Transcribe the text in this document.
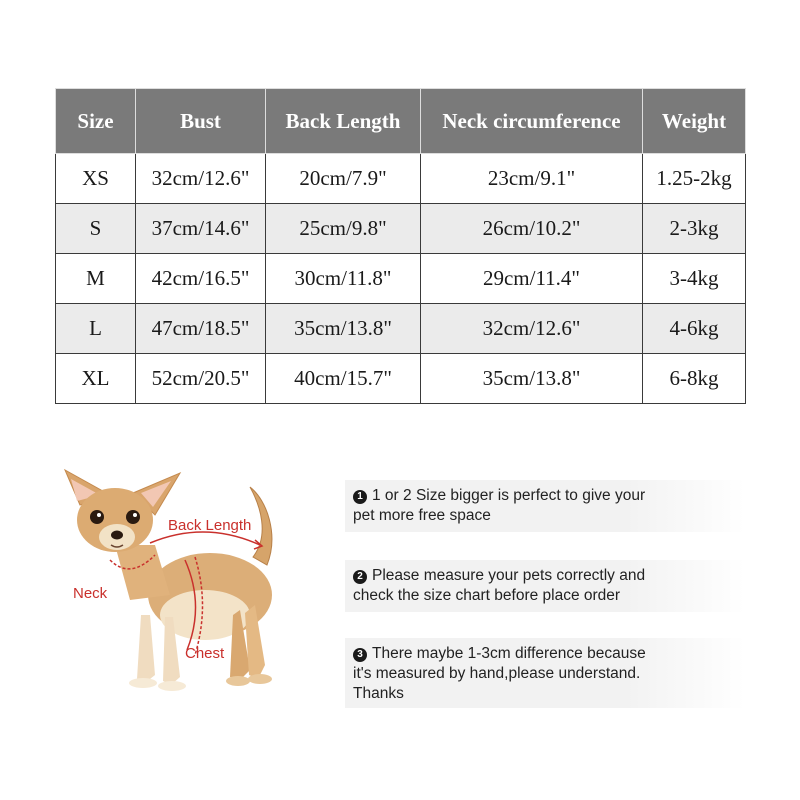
Size	Bust	Back Length	Neck circumference	Weight
XS	32cm/12.6"	20cm/7.9"	23cm/9.1"	1.25-2kg
S	37cm/14.6"	25cm/9.8"	26cm/10.2"	2-3kg
M	42cm/16.5"	30cm/11.8"	29cm/11.4"	3-4kg
L	47cm/18.5"	35cm/13.8"	32cm/12.6"	4-6kg
XL	52cm/20.5"	40cm/15.7"	35cm/13.8"	6-8kg
Back Length
Neck
Chest
1 1 or 2 Size bigger is perfect to give your
pet more free space
2 Please measure your pets correctly and
check the size chart before place order
3 There maybe 1-3cm difference because
it's measured by hand,please understand.
Thanks
